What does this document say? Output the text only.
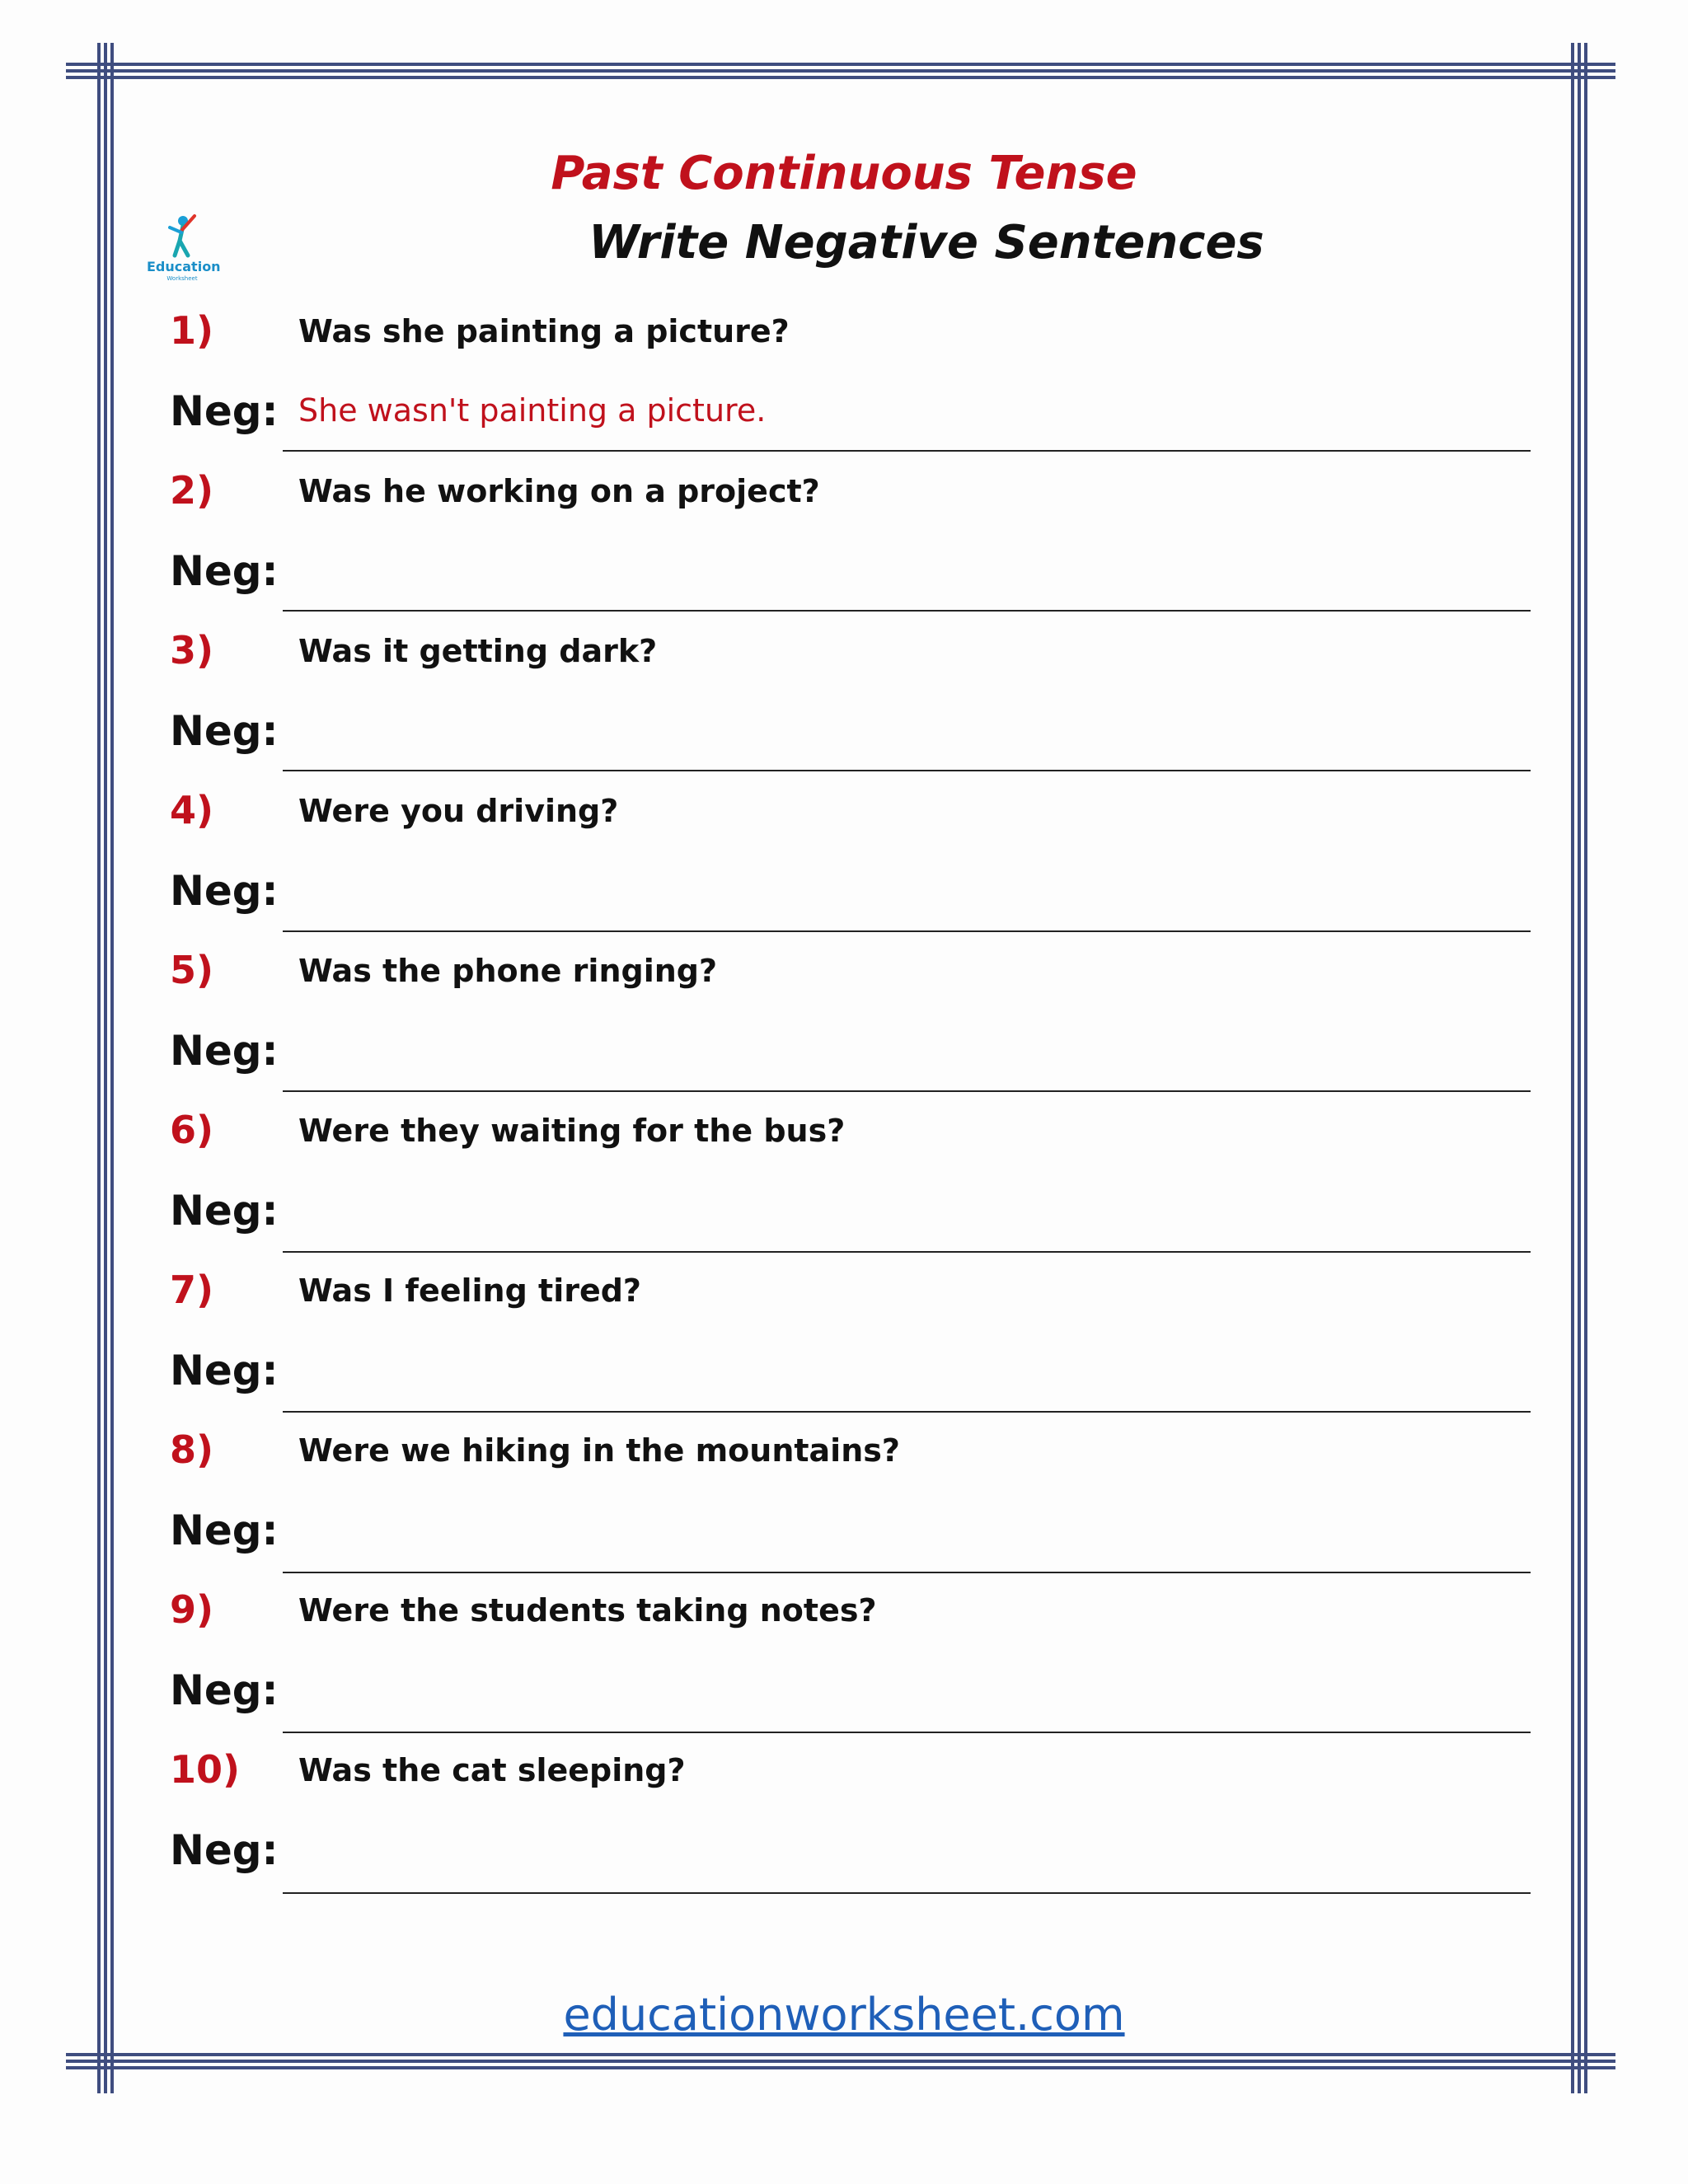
Education
Worksheet
Past Continuous Tense
Write Negative Sentences
1)	Was she painting a picture?
Neg: She wasn't painting a picture.
2)	Was he working on a project?
Neg:
3)	Was it getting dark?
Neg:
4)	Were you driving?
Neg:
5)	Was the phone ringing?
Neg:
6)	Were they waiting for the bus?
Neg:
7)	Was I feeling tired?
Neg:
8)	Were we hiking in the mountains?
Neg:
9)	Were the students taking notes?
Neg:
10) Was the cat sleeping?
Neg:
educationworksheet.com
